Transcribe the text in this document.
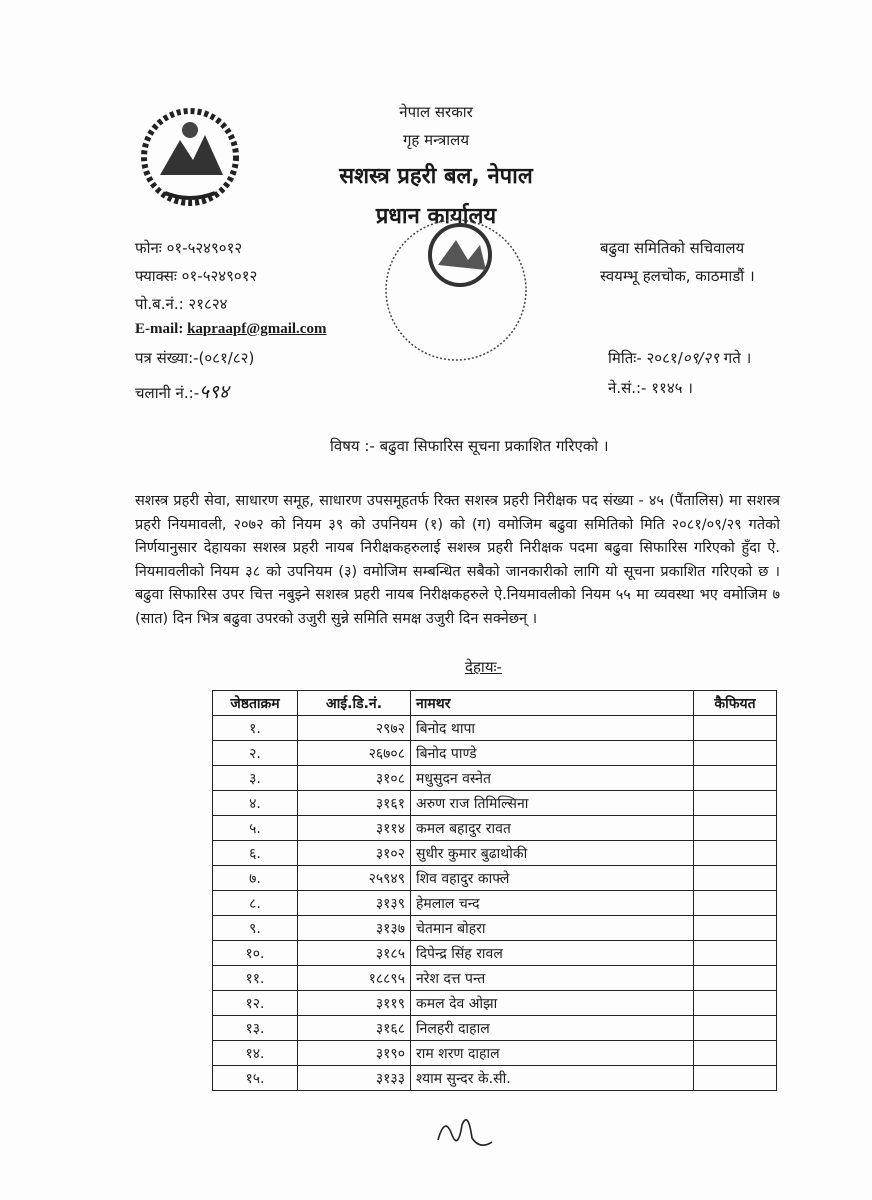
नेपाल सरकार
गृह मन्त्रालय
सशस्त्र प्रहरी बल, नेपाल
प्रधान कार्यालय
फोनः ०१-५२४९०१२
फ्याक्सः ०१-५२४९०१२
पो.ब.नं.: २१८२४
E-mail: kapraapf@gmail.com
पत्र संख्या:-(०८१/८२)
चलानी नं.:-५९४
बढुवा समितिको सचिवालय
स्वयम्भू हलचोक, काठमाडौं ।
मितिः- २०८१/०९/२९ गते ।
ने.सं.:- ११४५ ।
विषय :- बढुवा सिफारिस सूचना प्रकाशित गरिएको ।
सशस्त्र प्रहरी सेवा, साधारण समूह, साधारण उपसमूहतर्फ रिक्त सशस्त्र प्रहरी निरीक्षक पद संख्या - ४५ (पैंतालिस) मा सशस्त्र प्रहरी नियमावली, २०७२ को नियम ३९ को उपनियम (१) को (ग) वमोजिम बढुवा समितिको मिति २०८१/०९/२९ गतेको निर्णयानुसार देहायका सशस्त्र प्रहरी नायब निरीक्षकहरुलाई सशस्त्र प्रहरी निरीक्षक पदमा बढुवा सिफारिस गरिएको हुँदा ऐ. नियमावलीको नियम ३८ को उपनियम (३) वमोजिम सम्बन्धित सबैको जानकारीको लागि यो सूचना प्रकाशित गरिएको छ । बढुवा सिफारिस उपर चित्त नबुझ्ने सशस्त्र प्रहरी नायब निरीक्षकहरुले ऐ.नियमावलीको नियम ५५ मा व्यवस्था भए वमोजिम ७ (सात) दिन भित्र बढुवा उपरको उजुरी सुन्ने समिति समक्ष उजुरी दिन सक्नेछन् ।
देहायः-
जेष्ठताक्रम	आई.डि.नं.	नामथर	कैफियत
१.	२९७२	बिनोद थापा	
२.	२६७०८	बिनोद पाण्डे	
३.	३१०८	मधुसुदन वस्नेत	
४.	३१६१	अरुण राज तिमिल्सिना	
५.	३११४	कमल बहादुर रावत	
६.	३१०२	सुधीर कुमार बुढाथोकी	
७.	२५९४९	शिव वहादुर काफ्ले	
८.	३१३९	हेमलाल चन्द	
९.	३१३७	चेतमान बोहरा	
१०.	३१८५	दिपेन्द्र सिंह रावल	
११.	१८८९५	नरेश दत्त पन्त	
१२.	३११९	कमल देव ओझा	
१३.	३१६८	निलहरी दाहाल	
१४.	३१९०	राम शरण दाहाल	
१५.	३१३३	श्याम सुन्दर के.सी.	
